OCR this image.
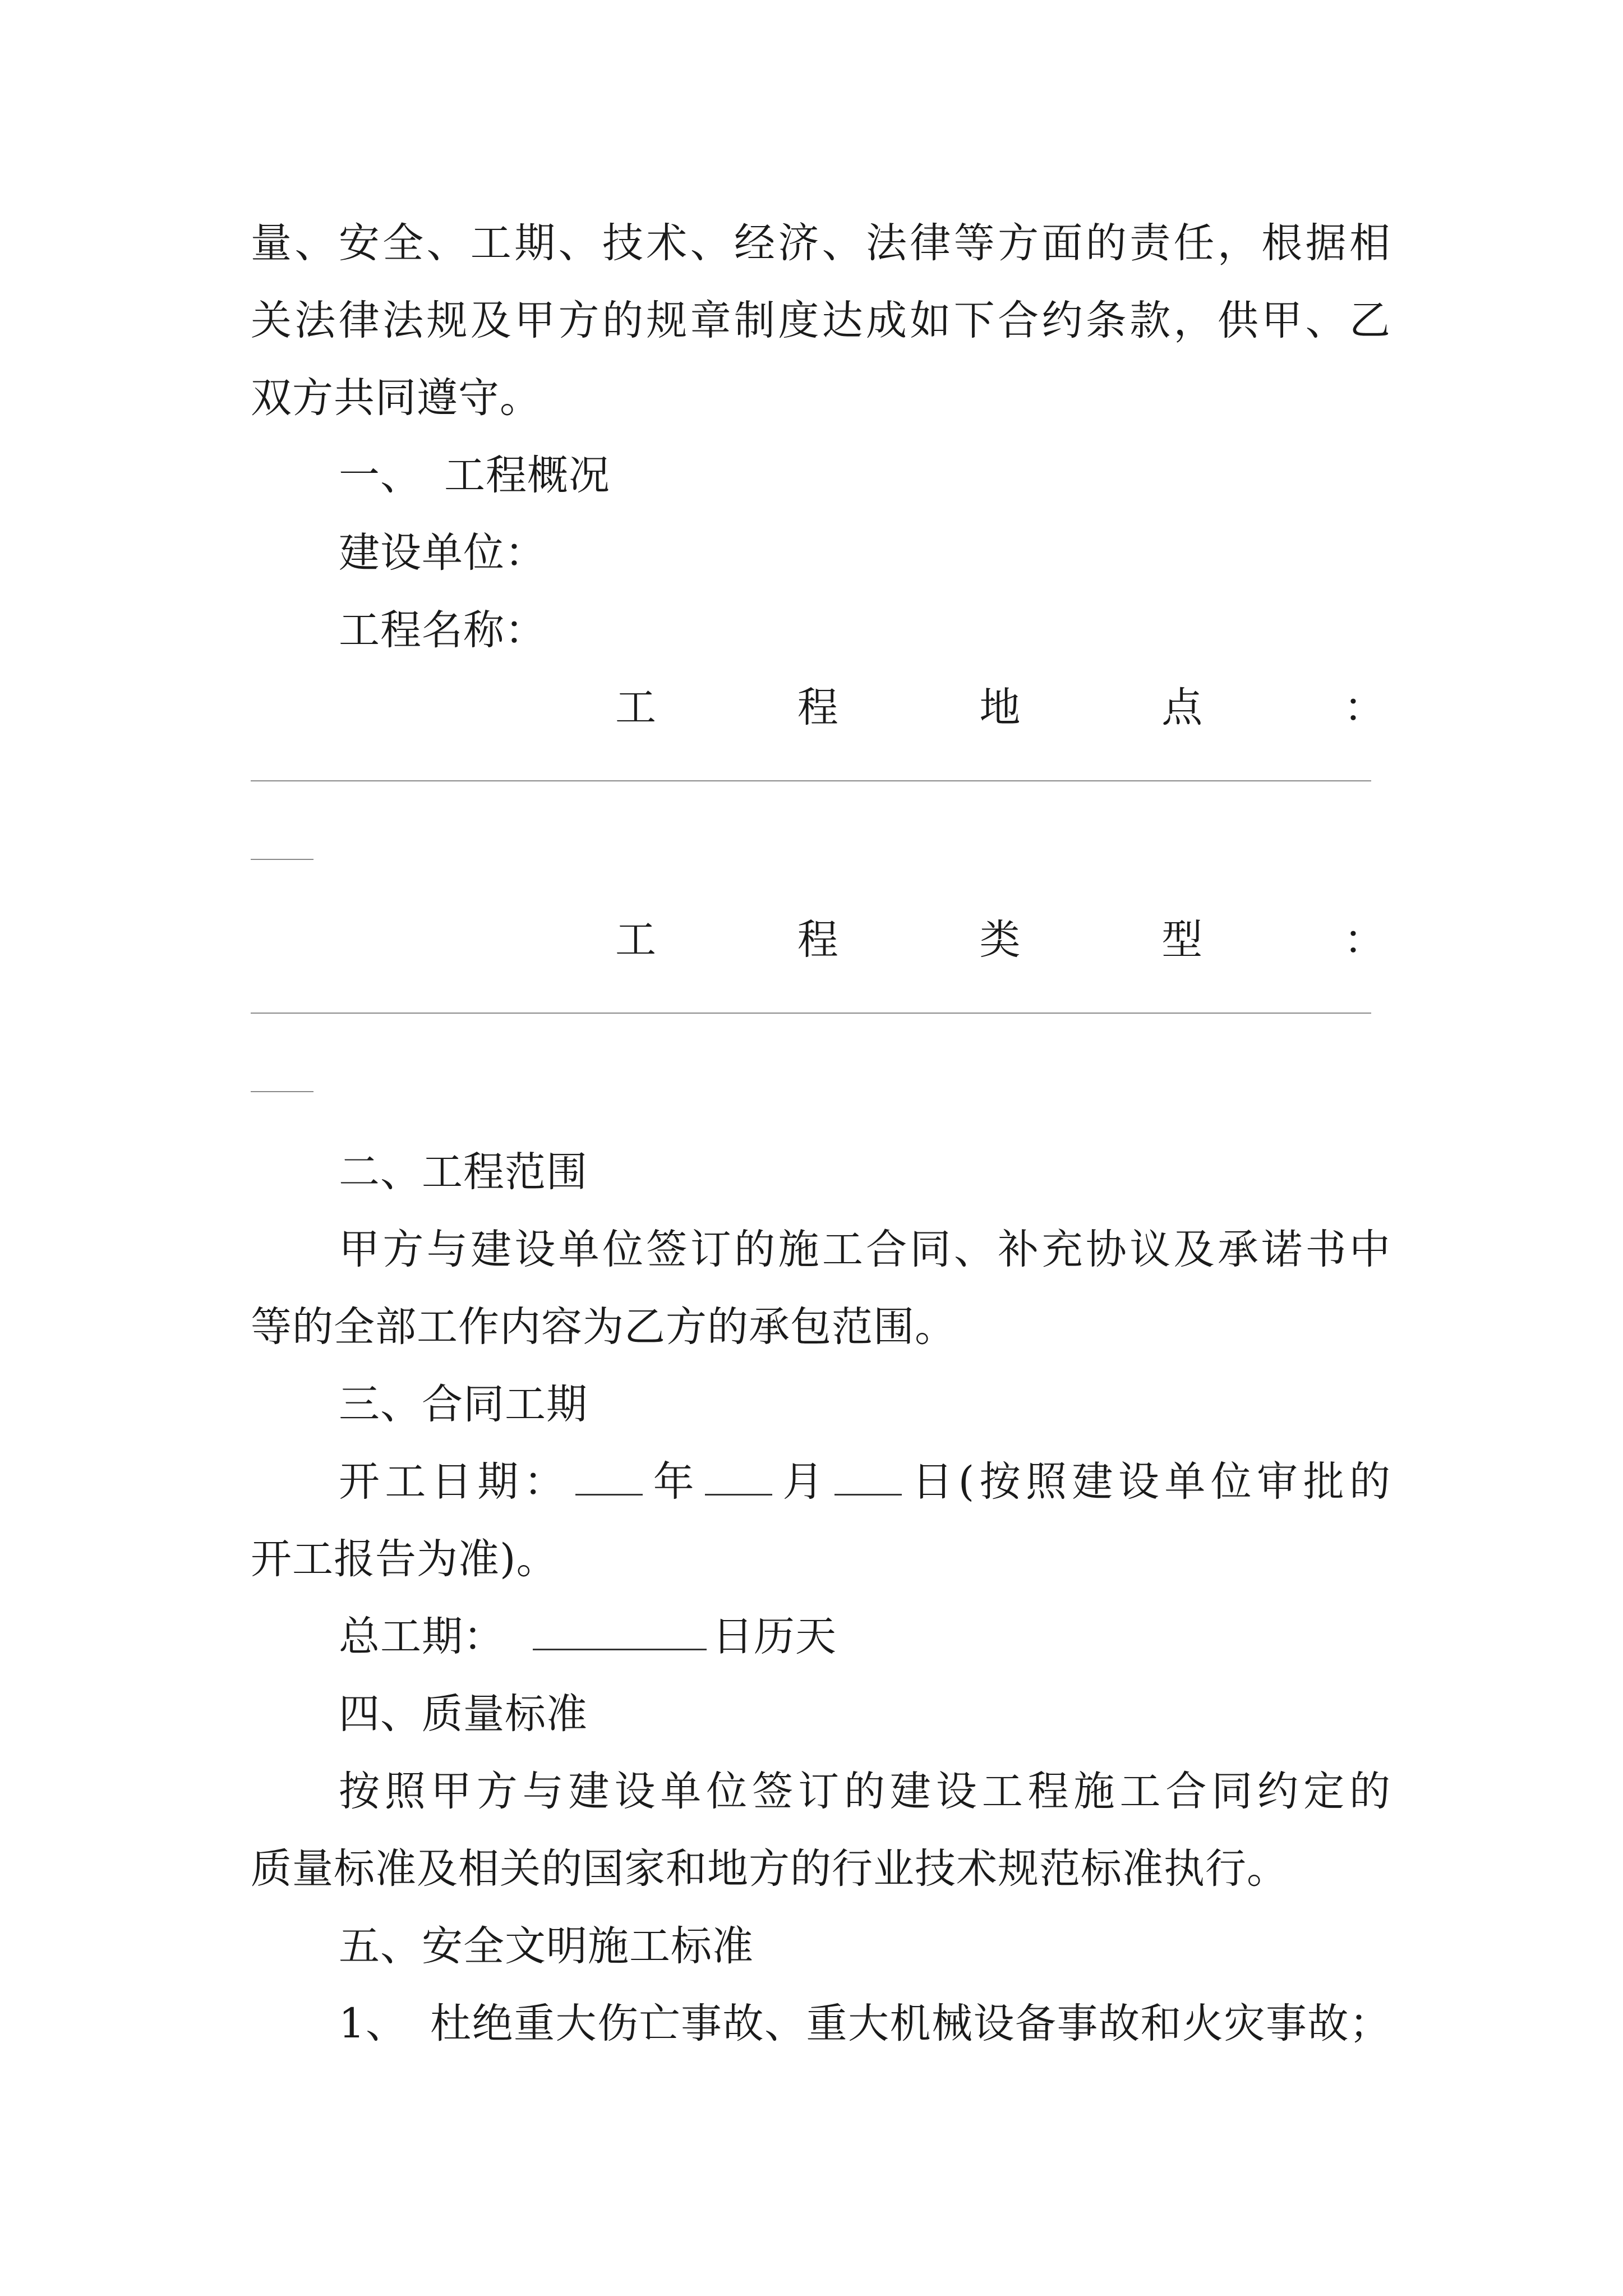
量、安全、工期、技术、经济、法律等方面的责任，根据相
关法律法规及甲方的规章制度达成如下合约条款，供甲、乙
双方共同遵守。
一、 工程概况
建设单位：
工程名称：
工	程	地	点	：
工	程	类	型	：
二、工程范围
甲方与建设单位签订的施工合同、补充协议及承诺书中
等的全部工作内容为乙方的承包范围。
三、合同工期
开工日期： 年 月 日(按照建设单位审批的
开工报告为准)。
总工期：	日历天
四、质量标准
按照甲方与建设单位签订的建设工程施工合同约定的
质量标准及相关的国家和地方的行业技术规范标准执行。
五、安全文明施工标准
1、 杜绝重大伤亡事故、重大机械设备事故和火灾事故；
